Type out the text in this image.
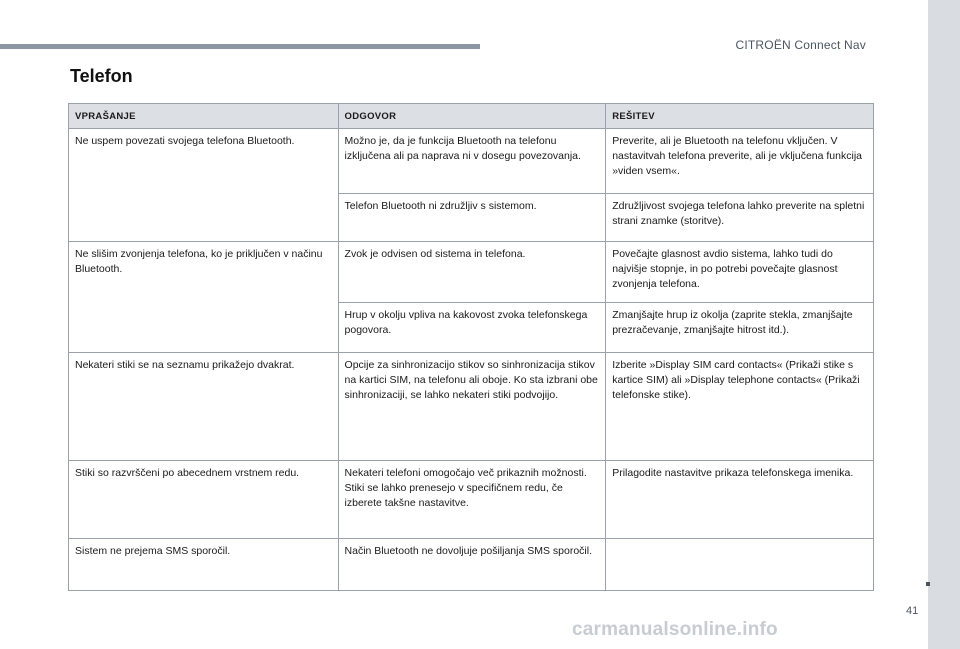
CITROËN Connect Nav
Telefon
VPRAŠANJE	ODGOVOR	REŠITEV
Ne uspem povezati svojega telefona Bluetooth.	Možno je, da je funkcija Bluetooth na telefonu izključena ali pa naprava ni v dosegu povezovanja.	Preverite, ali je Bluetooth na telefonu vključen. V nastavitvah telefona preverite, ali je vključena funkcija »viden vsem«.
	Telefon Bluetooth ni združljiv s sistemom.	Združljivost svojega telefona lahko preverite na spletni strani znamke (storitve).
Ne slišim zvonjenja telefona, ko je priključen v načinu Bluetooth.	Zvok je odvisen od sistema in telefona.	Povečajte glasnost avdio sistema, lahko tudi do najvišje stopnje, in po potrebi povečajte glasnost zvonjenja telefona.
	Hrup v okolju vpliva na kakovost zvoka telefonskega pogovora.	Zmanjšajte hrup iz okolja (zaprite stekla, zmanjšajte prezračevanje, zmanjšajte hitrost itd.).
Nekateri stiki se na seznamu prikažejo dvakrat.	Opcije za sinhronizacijo stikov so sinhronizacija stikov na kartici SIM, na telefonu ali oboje. Ko sta izbrani obe sinhronizaciji, se lahko nekateri stiki podvojijo.	Izberite »Display SIM card contacts« (Prikaži stike s kartice SIM) ali »Display telephone contacts« (Prikaži telefonske stike).
Stiki so razvrščeni po abecednem vrstnem redu.	Nekateri telefoni omogočajo več prikaznih možnosti. Stiki se lahko prenesejo v specifičnem redu, če izberete takšne nastavitve.	Prilagodite nastavitve prikaza telefonskega imenika.
Sistem ne prejema SMS sporočil.	Način Bluetooth ne dovoljuje pošiljanja SMS sporočil.	
41
carmanualsonline.info
